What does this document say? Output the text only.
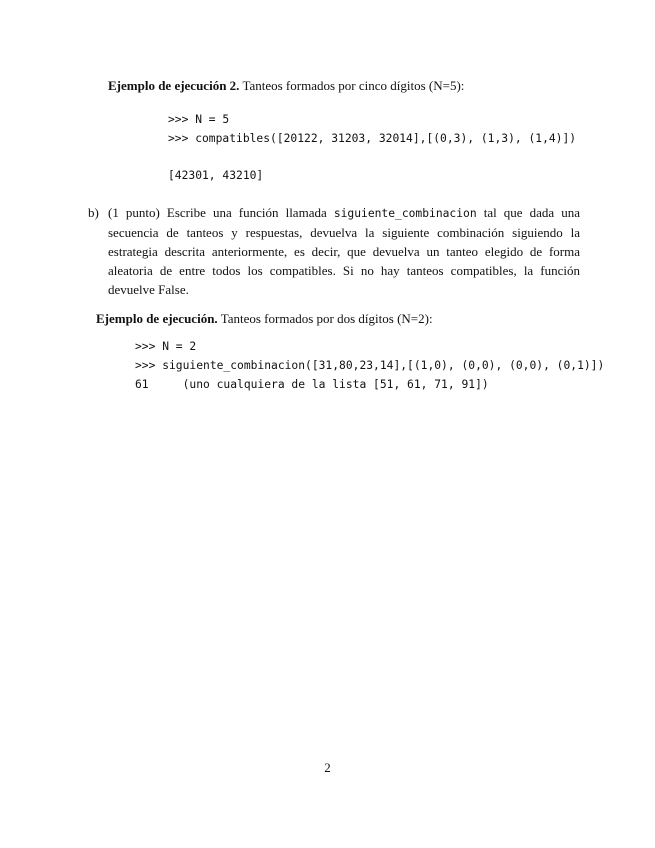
Ejemplo de ejecución 2. Tanteos formados por cinco dígitos (N=5):
>>> N = 5
>>> compatibles([20122, 31203, 32014],[(0,3), (1,3), (1,4)])
[42301, 43210]
b) (1 punto) Escribe una función llamada siguiente_combinacion tal que dada una secuencia de tanteos y respuestas, devuelva la siguiente combinación siguiendo la estrategia descrita anteriormente, es decir, que devuelva un tanteo elegido de forma aleatoria de entre todos los compatibles. Si no hay tanteos compatibles, la función devuelve False.
Ejemplo de ejecución. Tanteos formados por dos dígitos (N=2):
>>> N = 2
>>> siguiente_combinacion([31,80,23,14],[(1,0), (0,0), (0,0), (0,1)])
61     (uno cualquiera de la lista [51, 61, 71, 91])
2
